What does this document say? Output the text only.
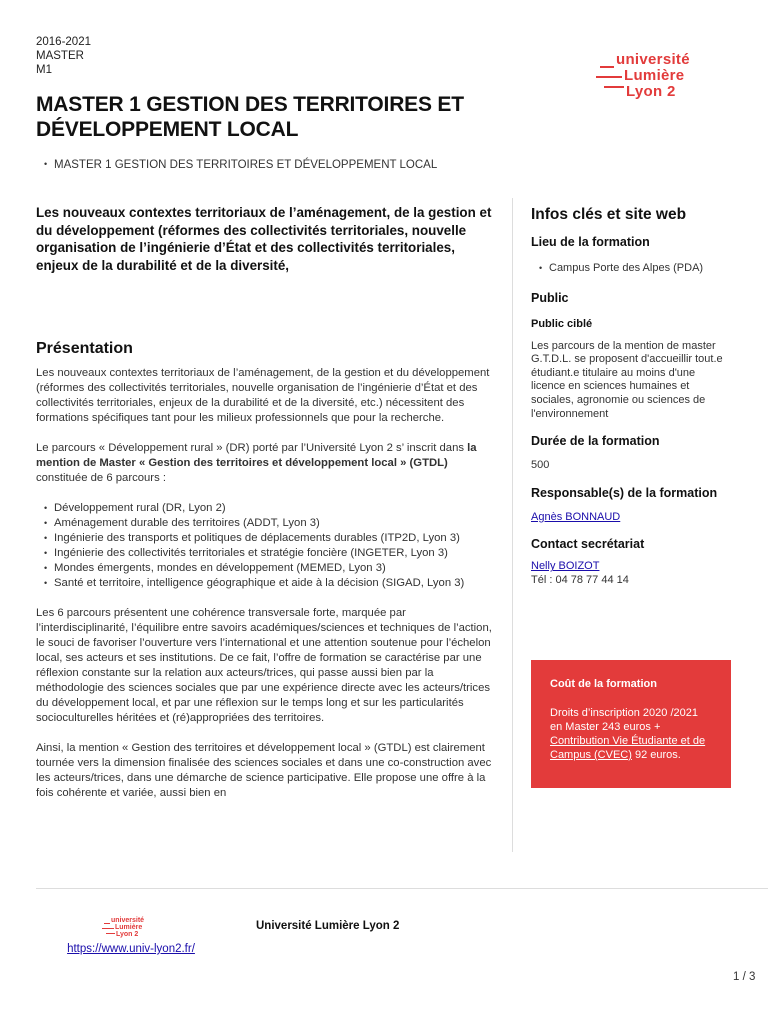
2016-2021
MASTER
M1
université
Lumière
Lyon 2
MASTER 1 GESTION DES TERRITOIRES ET DÉVELOPPEMENT LOCAL
• MASTER 1 GESTION DES TERRITOIRES ET DÉVELOPPEMENT LOCAL
Les nouveaux contextes territoriaux de l’aménagement, de la gestion et du développement (réformes des collectivités territoriales, nouvelle organisation de l’ingénierie d’État et des collectivités territoriales, enjeux de la durabilité et de la diversité,
Présentation

Les nouveaux contextes territoriaux de l’aménagement, de la gestion et du développement (réformes des collectivités territoriales, nouvelle organisation de l’ingénierie d’État et des collectivités territoriales, enjeux de la durabilité et de la diversité, etc.) nécessitent des formations spécifiques tant pour les milieux professionnels que pour la recherche.

Le parcours « Développement rural » (DR) porté par l’Université Lyon 2 s’ inscrit dans la mention de Master « Gestion des territoires et développement local » (GTDL) constituée de 6 parcours :

• Développement rural (DR, Lyon 2)
• Aménagement durable des territoires (ADDT, Lyon 3)
• Ingénierie des transports et politiques de déplacements durables (ITP2D, Lyon 3)
• Ingénierie des collectivités territoriales et stratégie foncière (INGETER, Lyon 3)
• Mondes émergents, mondes en développement (MEMED, Lyon 3)
• Santé et territoire, intelligence géographique et aide à la décision (SIGAD, Lyon 3)

Les 6 parcours présentent une cohérence transversale forte, marquée par l’interdisciplinarité, l’équilibre entre savoirs académiques/sciences et techniques de l’action, le souci de favoriser l’ouverture vers l’international et une attention soutenue pour l’échelon local, ses acteurs et ses institutions. De ce fait, l’offre de formation se caractérise par une réflexion constante sur la relation aux acteurs/trices, qui passe aussi bien par la méthodologie des sciences sociales que par une expérience directe avec les acteurs/trices du développement local, et par une réflexion sur le temps long et sur les particularités socioculturelles héritées et (ré)appropriées des territoires.

Ainsi, la mention « Gestion des territoires et développement local » (GTDL) est clairement tournée vers la dimension finalisée des sciences sociales et dans une co-construction avec les acteurs/trices, dans une démarche de science participative. Elle propose une offre à la fois cohérente et variée, aussi bien en

Infos clés et site web
Lieu de la formation
• Campus Porte des Alpes (PDA)
Public
Public ciblé
Les parcours de la mention de master G.T.D.L. se proposent d'accueillir tout.e étudiant.e titulaire au moins d'une licence en sciences humaines et sociales, agronomie ou sciences de l'environnement
Durée de la formation
500
Responsable(s) de la formation
Agnès BONNAUD
Contact secrétariat
Nelly BOIZOT
Tél : 04 78 77 44 14
Coût de la formation
Droits d’inscription 2020 /2021 en Master 243 euros + Contribution Vie Étudiante et de Campus (CVEC) 92 euros.
université
Lumière
Lyon 2
https://www.univ-lyon2.fr/
Université Lumière Lyon 2
1 / 3
